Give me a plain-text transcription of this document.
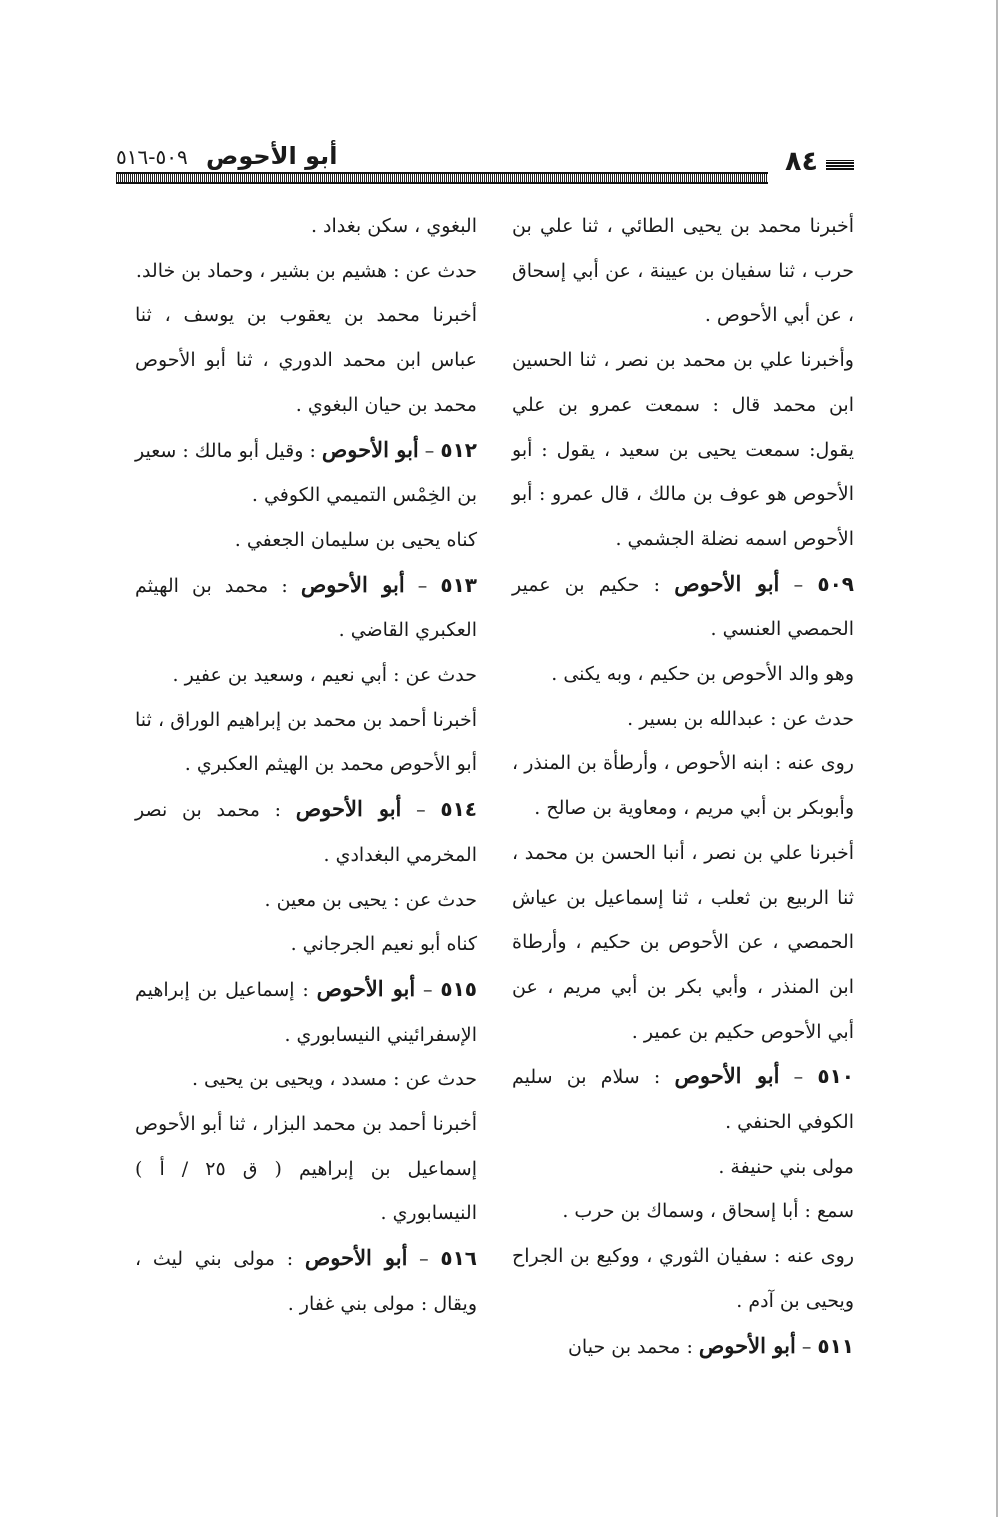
٨٤
أبو الأحوص ٥٠٩-٥١٦

أخبرنا محمد بن يحيى الطائي ، ثنا علي بن حرب ، ثنا سفيان بن عيينة ، عن أبي إسحاق ، عن أبي الأحوص .

وأخبرنا علي بن محمد بن نصر ، ثنا الحسين ابن محمد قال : سمعت عمرو بن علي يقول: سمعت يحيى بن سعيد ، يقول : أبو الأحوص هو عوف بن مالك ، قال عمرو : أبو الأحوص اسمه نضلة الجشمي .

٥٠٩ – أبو الأحوص : حكيم بن عمير الحمصي العنسي .

وهو والد الأحوص بن حكيم ، وبه يكنى .

حدث عن : عبدالله بن بسير .

روى عنه : ابنه الأحوص ، وأرطأة بن المنذر ، وأبوبكر بن أبي مريم ، ومعاوية بن صالح .

أخبرنا علي بن نصر ، أنبا الحسن بن محمد ، ثنا الربيع بن ثعلب ، ثنا إسماعيل بن عياش الحمصي ، عن الأحوص بن حكيم ، وأرطاة ابن المنذر ، وأبي بكر بن أبي مريم ، عن أبي الأحوص حكيم بن عمير .

٥١٠ – أبو الأحوص : سلام بن سليم الكوفي الحنفي .

مولى بني حنيفة .

سمع : أبا إسحاق ، وسماك بن حرب .

روى عنه : سفيان الثوري ، ووكيع بن الجراح ويحيى بن آدم .

٥١١ – أبو الأحوص : محمد بن حيان

البغوي ، سكن بغداد .

حدث عن : هشيم بن بشير ، وحماد بن خالد.

أخبرنا محمد بن يعقوب بن يوسف ، ثنا عباس ابن محمد الدوري ، ثنا أبو الأحوص محمد بن حيان البغوي .

٥١٢ – أبو الأحوص : وقيل أبو مالك : سعير بن الخِمْس التميمي الكوفي .

كناه يحيى بن سليمان الجعفي .

٥١٣ – أبو الأحوص : محمد بن الهيثم العكبري القاضي .

حدث عن : أبي نعيم ، وسعيد بن عفير .

أخبرنا أحمد بن محمد بن إبراهيم الوراق ، ثنا أبو الأحوص محمد بن الهيثم العكبري .

٥١٤ – أبو الأحوص : محمد بن نصر المخرمي البغدادي .

حدث عن : يحيى بن معين .

كناه أبو نعيم الجرجاني .

٥١٥ – أبو الأحوص : إسماعيل بن إبراهيم الإسفرائيني النيسابوري .

حدث عن : مسدد ، ويحيى بن يحيى .

أخبرنا أحمد بن محمد البزار ، ثنا أبو الأحوص إسماعيل بن إبراهيم ( ق ٢٥ / أ ) النيسابوري .

٥١٦ – أبو الأحوص : مولى بني ليث ، ويقال : مولى بني غفار .
